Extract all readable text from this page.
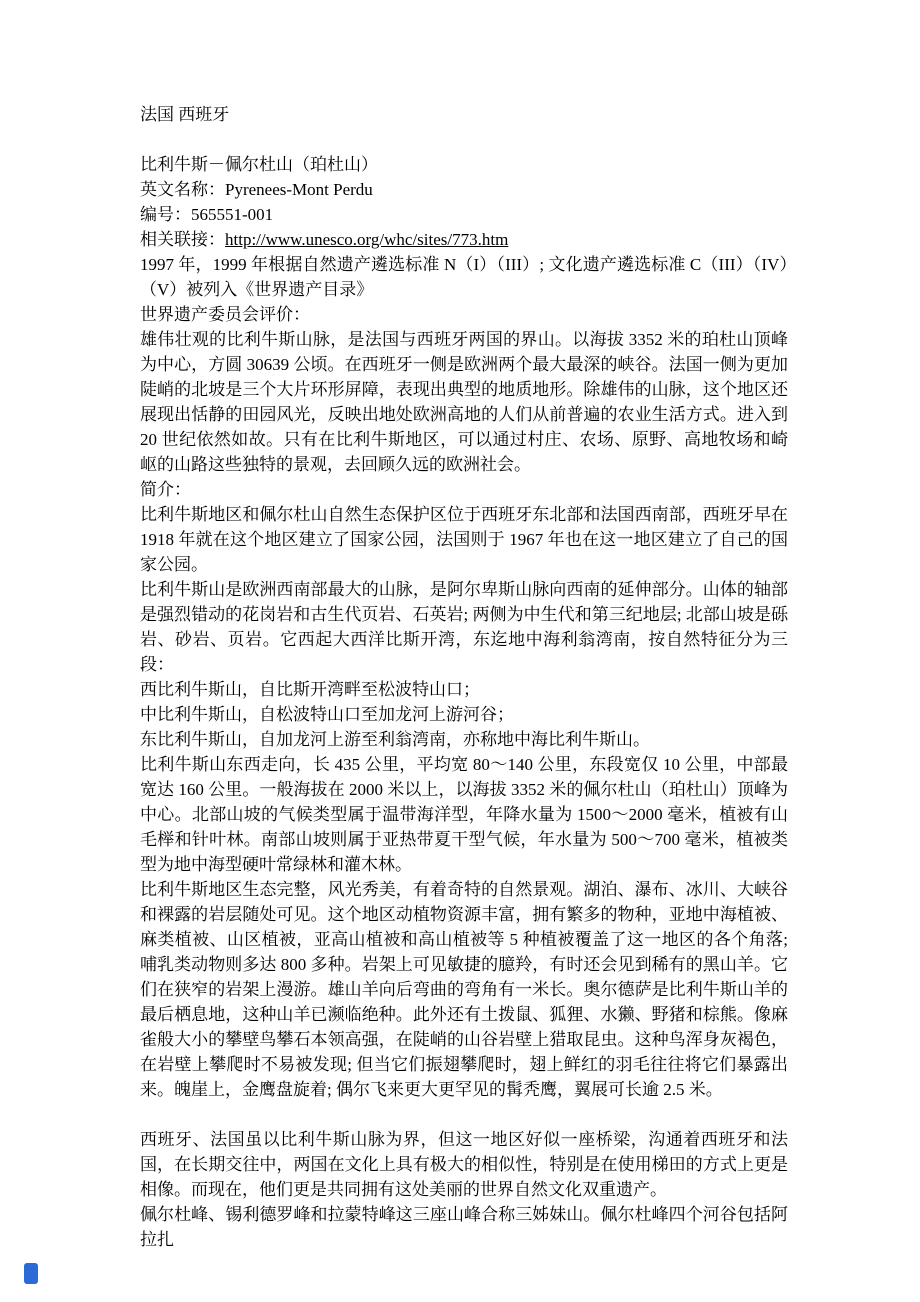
法国 西班牙

比利牛斯－佩尔杜山（珀杜山）

英文名称：Pyrenees-Mont Perdu

编号：565551-001

相关联接：http://www.unesco.org/whc/sites/773.htm

1997 年，1999 年根据自然遗产遴选标准 N（I）（III）; 文化遗产遴选标准 C（III）（IV）（V）被列入《世界遗产目录》

世界遗产委员会评价：

雄伟壮观的比利牛斯山脉，是法国与西班牙两国的界山。以海拔 3352 米的珀杜山顶峰为中心，方圆 30639 公顷。在西班牙一侧是欧洲两个最大最深的峡谷。法国一侧为更加陡峭的北坡是三个大片环形屏障，表现出典型的地质地形。除雄伟的山脉，这个地区还展现出恬静的田园风光，反映出地处欧洲高地的人们从前普遍的农业生活方式。进入到 20 世纪依然如故。只有在比利牛斯地区，可以通过村庄、农场、原野、高地牧场和崎岖的山路这些独特的景观，去回顾久远的欧洲社会。

简介：

比利牛斯地区和佩尔杜山自然生态保护区位于西班牙东北部和法国西南部，西班牙早在 1918 年就在这个地区建立了国家公园，法国则于 1967 年也在这一地区建立了自己的国家公园。

比利牛斯山是欧洲西南部最大的山脉，是阿尔卑斯山脉向西南的延伸部分。山体的轴部是强烈错动的花岗岩和古生代页岩、石英岩; 两侧为中生代和第三纪地层; 北部山坡是砾岩、砂岩、页岩。它西起大西洋比斯开湾，东迄地中海利翁湾南，按自然特征分为三段：

西比利牛斯山，自比斯开湾畔至松波特山口；

中比利牛斯山，自松波特山口至加龙河上游河谷；

东比利牛斯山，自加龙河上游至利翁湾南，亦称地中海比利牛斯山。

比利牛斯山东西走向，长 435 公里，平均宽 80～140 公里，东段宽仅 10 公里，中部最宽达 160 公里。一般海拔在 2000 米以上，以海拔 3352 米的佩尔杜山（珀杜山）顶峰为中心。北部山坡的气候类型属于温带海洋型，年降水量为 1500～2000 毫米，植被有山毛榉和针叶林。南部山坡则属于亚热带夏干型气候，年水量为 500～700 毫米，植被类型为地中海型硬叶常绿林和灌木林。

比利牛斯地区生态完整，风光秀美，有着奇特的自然景观。湖泊、瀑布、冰川、大峡谷和裸露的岩层随处可见。这个地区动植物资源丰富，拥有繁多的物种，亚地中海植被、麻类植被、山区植被，亚高山植被和高山植被等 5 种植被覆盖了这一地区的各个角落; 哺乳类动物则多达 800 多种。岩架上可见敏捷的臆羚，有时还会见到稀有的黑山羊。它们在狭窄的岩架上漫游。雄山羊向后弯曲的弯角有一米长。奥尔德萨是比利牛斯山羊的最后栖息地，这种山羊已濒临绝种。此外还有土拨鼠、狐狸、水獭、野猪和棕熊。像麻雀般大小的攀壁鸟攀石本领高强，在陡峭的山谷岩壁上猎取昆虫。这种鸟浑身灰褐色，在岩壁上攀爬时不易被发现; 但当它们振翅攀爬时，翅上鲜红的羽毛往往将它们暴露出来。魄崖上，金鹰盘旋着; 偶尔飞来更大更罕见的髯秃鹰，翼展可长逾 2.5 米。

西班牙、法国虽以比利牛斯山脉为界，但这一地区好似一座桥梁，沟通着西班牙和法国，在长期交往中，两国在文化上具有极大的相似性，特别是在使用梯田的方式上更是相像。而现在，他们更是共同拥有这处美丽的世界自然文化双重遗产。

佩尔杜峰、锡利德罗峰和拉蒙特峰这三座山峰合称三姊妹山。佩尔杜峰四个河谷包括阿拉扎
